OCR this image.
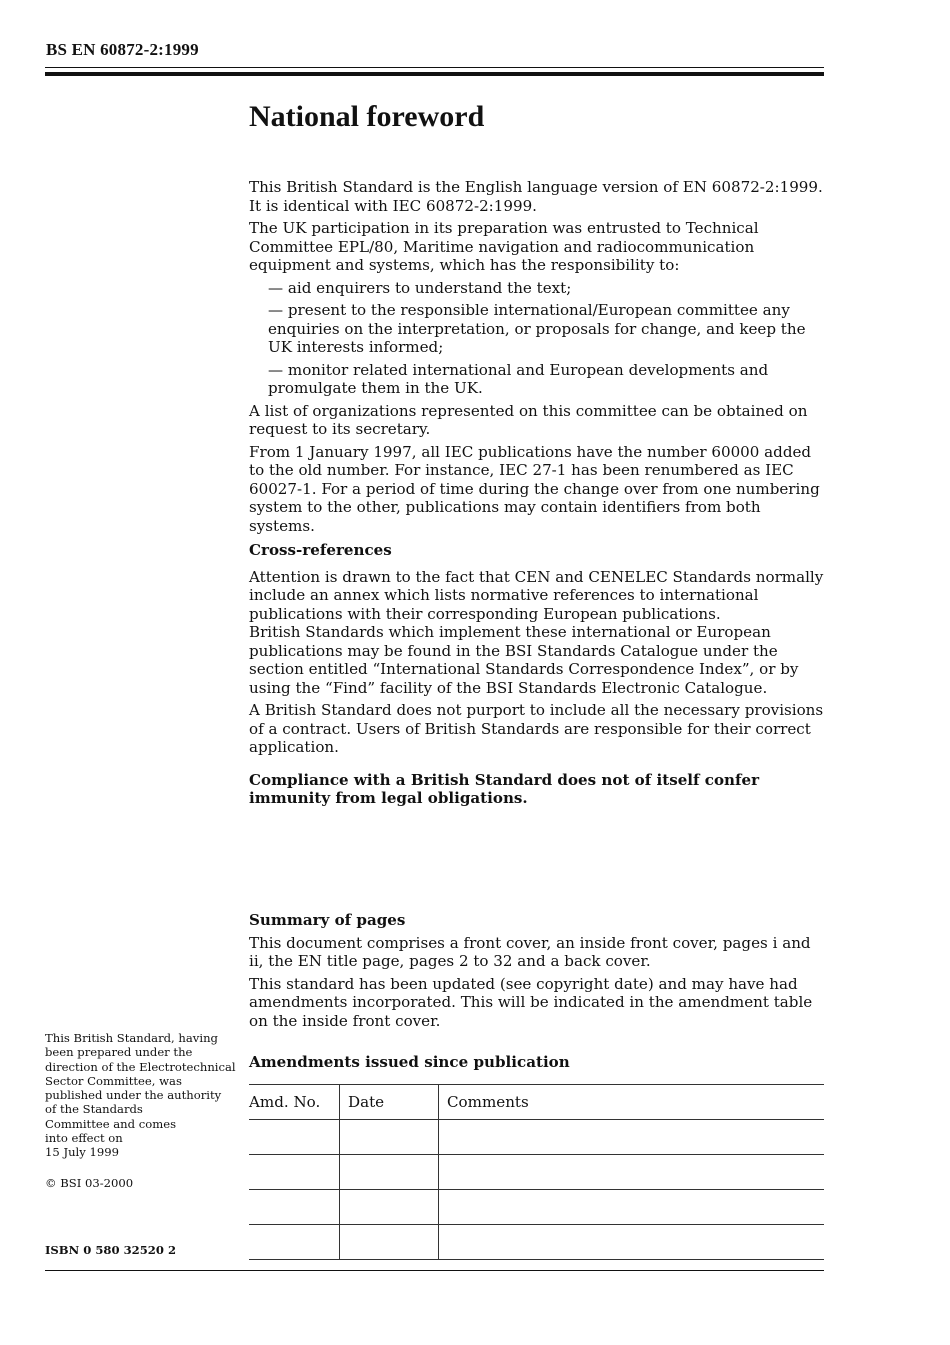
BS EN 60872-2:1999
National foreword

This British Standard is the English language version of EN 60872-2:1999.
It is identical with IEC 60872-2:1999.

The UK participation in its preparation was entrusted to Technical Committee EPL/80, Maritime navigation and radiocommunication equipment and systems, which has the responsibility to:

— aid enquirers to understand the text;

— present to the responsible international/European committee any enquiries on the interpretation, or proposals for change, and keep the UK interests informed;

— monitor related international and European developments and promulgate them in the UK.

A list of organizations represented on this committee can be obtained on request to its secretary.

From 1 January 1997, all IEC publications have the number 60000 added to the old number. For instance, IEC 27-1 has been renumbered as IEC 60027-1. For a period of time during the change over from one numbering system to the other, publications may contain identifiers from both systems.

Cross-references

Attention is drawn to the fact that CEN and CENELEC Standards normally include an annex which lists normative references to international publications with their corresponding European publications.
British Standards which implement these international or European publications may be found in the BSI Standards Catalogue under the section entitled “International Standards Correspondence Index”, or by using the “Find” facility of the BSI Standards Electronic Catalogue.

A British Standard does not purport to include all the necessary provisions of a contract. Users of British Standards are responsible for their correct application.

Compliance with a British Standard does not of itself confer immunity from legal obligations.

Summary of pages

This document comprises a front cover, an inside front cover, pages i and ii, the EN title page, pages 2 to 32 and a back cover.

This standard has been updated (see copyright date) and may have had amendments incorporated. This will be indicated in the amendment table on the inside front cover.

Amendments issued since publication
Amd. No.	Date	Comments

This British Standard, having
been prepared under the
direction of the Electrotechnical
Sector Committee, was
published under the authority
of the Standards
Committee and comes
into effect on
15 July 1999
© BSI 03-2000
ISBN 0 580 32520 2
